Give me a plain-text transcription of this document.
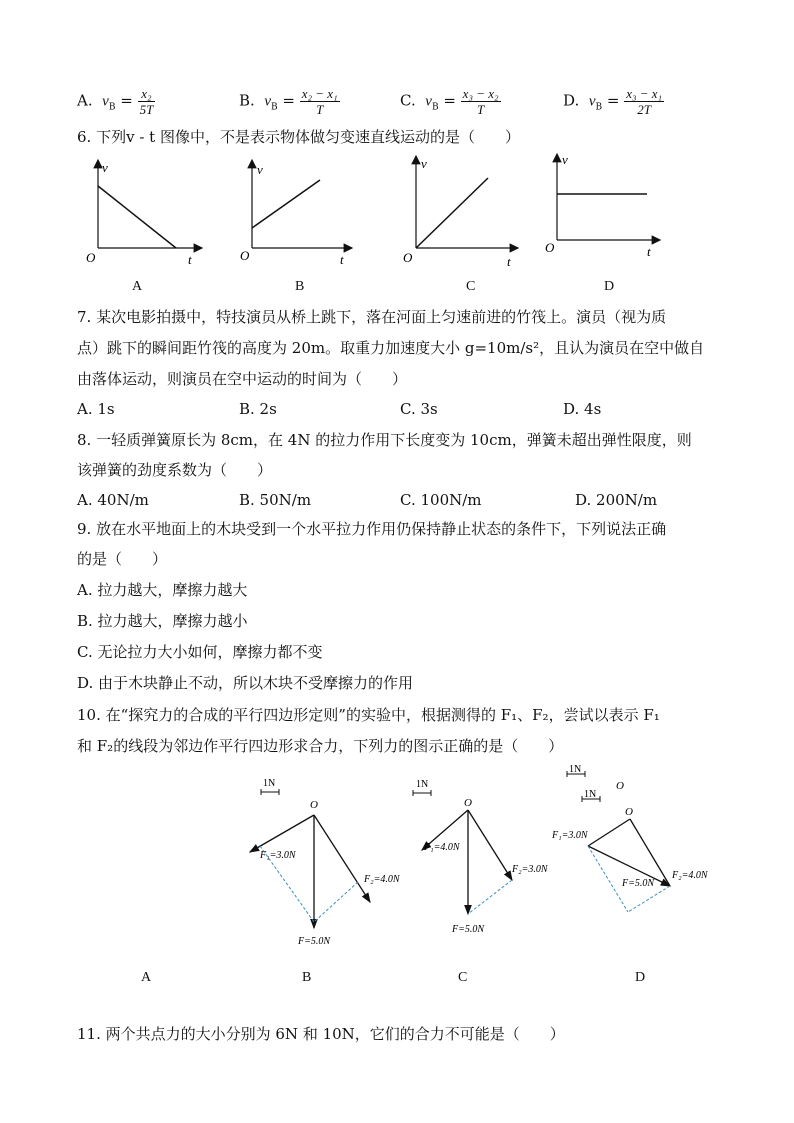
A. $v_B = \frac{\text{x₂}}{5T}$	B. $v_B = \frac{\text{x₂ − x₁}}{T}$	C. $v_B = \frac{\text{x₃ − x₂}}{T}$	D. $v_B = \frac{\text{x₃ − x₁}}{2T}$
6. 下列v - t 图像中，不是表示物体做匀变速直线运动的是（　　）
v
O	t
v
O	t
v
O	t
v
O	t
A	B	C	D
7. 某次电影拍摄中，特技演员从桥上跳下，落在河面上匀速前进的竹筏上。演员（视为质
点）跳下的瞬间距竹筏的高度为 20m。取重力加速度大小 g=10m/s²，且认为演员在空中做自
由落体运动，则演员在空中运动的时间为（　　）
A. 1s	B. 2s	C. 3s	D. 4s
8. 一轻质弹簧原长为 8cm，在 4N 的拉力作用下长度变为 10cm，弹簧未超出弹性限度，则
该弹簧的劲度系数为（　　）
A. 40N/m	B. 50N/m	C. 100N/m	D. 200N/m
9. 放在水平地面上的木块受到一个水平拉力作用仍保持静止状态的条件下，下列说法正确
的是（　　）
A. 拉力越大，摩擦力越大
B. 拉力越大，摩擦力越小
C. 无论拉力大小如何，摩擦力都不变
D. 由于木块静止不动，所以木块不受摩擦力的作用
10. 在“探究力的合成的平行四边形定则”的实验中，根据测得的 F₁、F₂，尝试以表示 F₁
和 F₂的线段为邻边作平行四边形求合力，下列力的图示正确的是（　　）
1N
O
F₁=3.0N
F₂=4.0N
F=5.0N
1N
O
F₁=4.0N
F₂=3.0N
F=5.0N
1N
O
1N
O
F₁=3.0N
F₂=4.0N
F=5.0N
A	B	C	D
11. 两个共点力的大小分别为 6N 和 10N，它们的合力不可能是（　　）
